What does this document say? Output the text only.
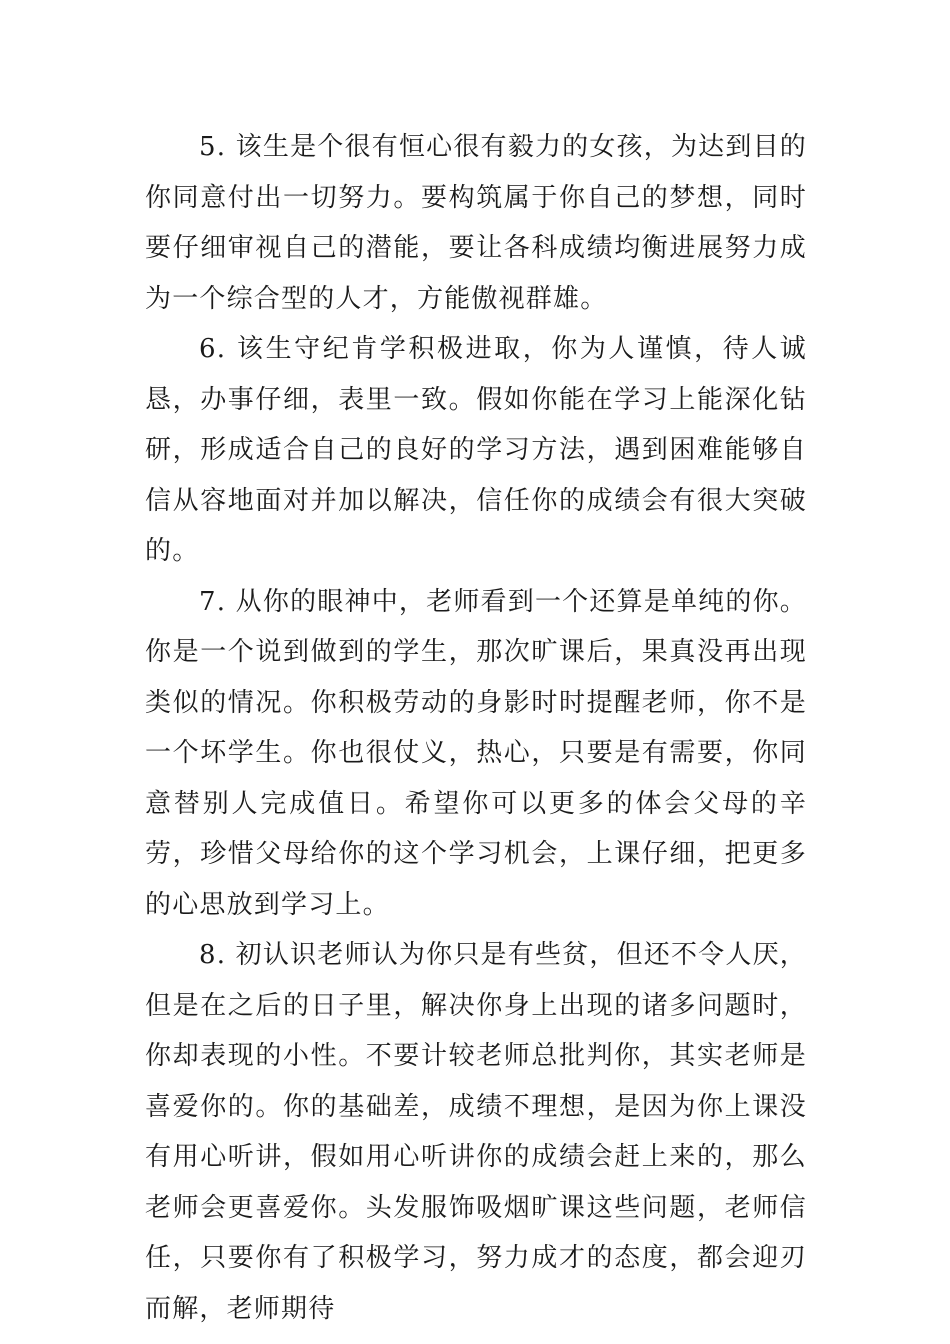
5. 该生是个很有恒心很有毅力的女孩，为达到目的你同意付出一切努力。要构筑属于你自己的梦想，同时要仔细审视自己的潜能，要让各科成绩均衡进展努力成为一个综合型的人才，方能傲视群雄。

6. 该生守纪肯学积极进取，你为人谨慎，待人诚恳，办事仔细，表里一致。假如你能在学习上能深化钻研，形成适合自己的良好的学习方法，遇到困难能够自信从容地面对并加以解决，信任你的成绩会有很大突破的。

7. 从你的眼神中，老师看到一个还算是单纯的你。你是一个说到做到的学生，那次旷课后，果真没再出现类似的情况。你积极劳动的身影时时提醒老师，你不是一个坏学生。你也很仗义，热心，只要是有需要，你同意替别人完成值日。希望你可以更多的体会父母的辛劳，珍惜父母给你的这个学习机会，上课仔细，把更多的心思放到学习上。

8. 初认识老师认为你只是有些贫，但还不令人厌，但是在之后的日子里，解决你身上出现的诸多问题时，你却表现的小性。不要计较老师总批判你，其实老师是喜爱你的。你的基础差，成绩不理想，是因为你上课没有用心听讲，假如用心听讲你的成绩会赶上来的，那么老师会更喜爱你。头发服饰吸烟旷课这些问题，老师信任，只要你有了积极学习，努力成才的态度，都会迎刃而解，老师期待
